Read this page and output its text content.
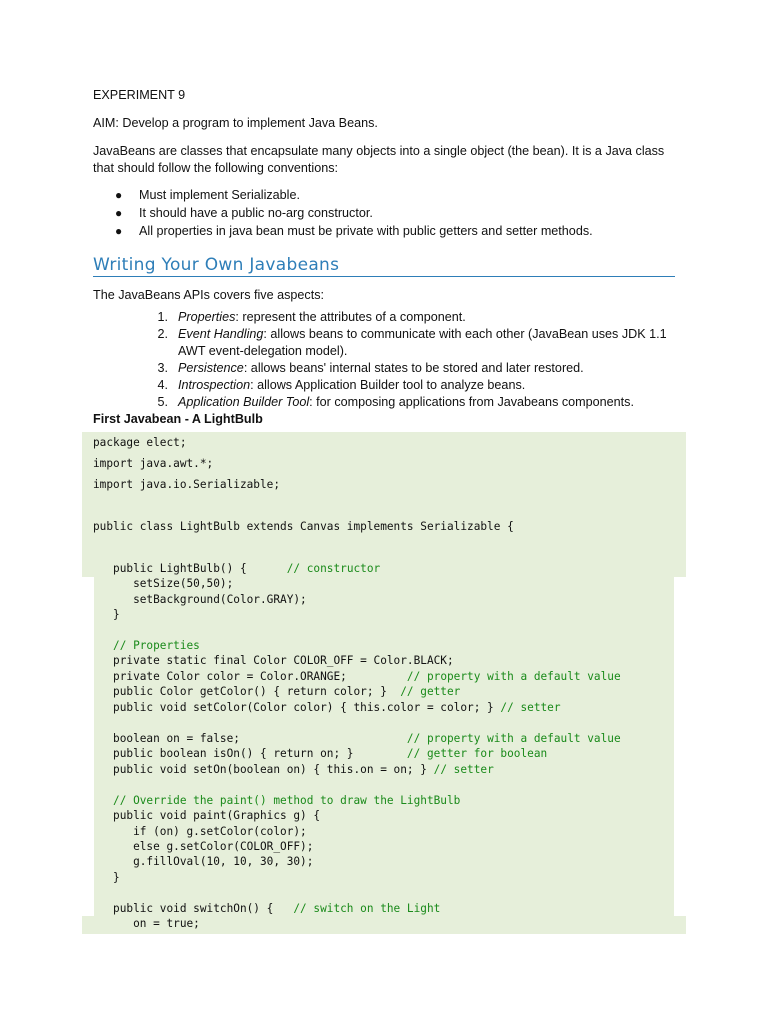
EXPERIMENT 9
AIM: Develop a program to implement Java Beans.
JavaBeans are classes that encapsulate many objects into a single object (the bean). It is a Java class that should follow the following conventions:
● Must implement Serializable.
● It should have a public no-arg constructor.
● All properties in java bean must be private with public getters and setter methods.
Writing Your Own Javabeans
The JavaBeans APIs covers five aspects:
1. Properties: represent the attributes of a component.
2. Event Handling: allows beans to communicate with each other (JavaBean uses JDK 1.1 AWT event-delegation model).
3. Persistence: allows beans' internal states to be stored and later restored.
4. Introspection: allows Application Builder tool to analyze beans.
5. Application Builder Tool: for composing applications from Javabeans components.
First Javabean - A LightBulb
package elect;
import java.awt.*;
import java.io.Serializable;
public class LightBulb extends Canvas implements Serializable {
public LightBulb() {      // constructor
setSize(50,50);
setBackground(Color.GRAY);
}
// Properties
private static final Color COLOR_OFF = Color.BLACK;
private Color color = Color.ORANGE;         // property with a default value
public Color getColor() { return color; }  // getter
public void setColor(Color color) { this.color = color; } // setter
boolean on = false;                         // property with a default value
public boolean isOn() { return on; }        // getter for boolean
public void setOn(boolean on) { this.on = on; } // setter
// Override the paint() method to draw the LightBulb
public void paint(Graphics g) {
if (on) g.setColor(color);
else g.setColor(COLOR_OFF);
g.fillOval(10, 10, 30, 30);
}
public void switchOn() {   // switch on the Light
on = true;
